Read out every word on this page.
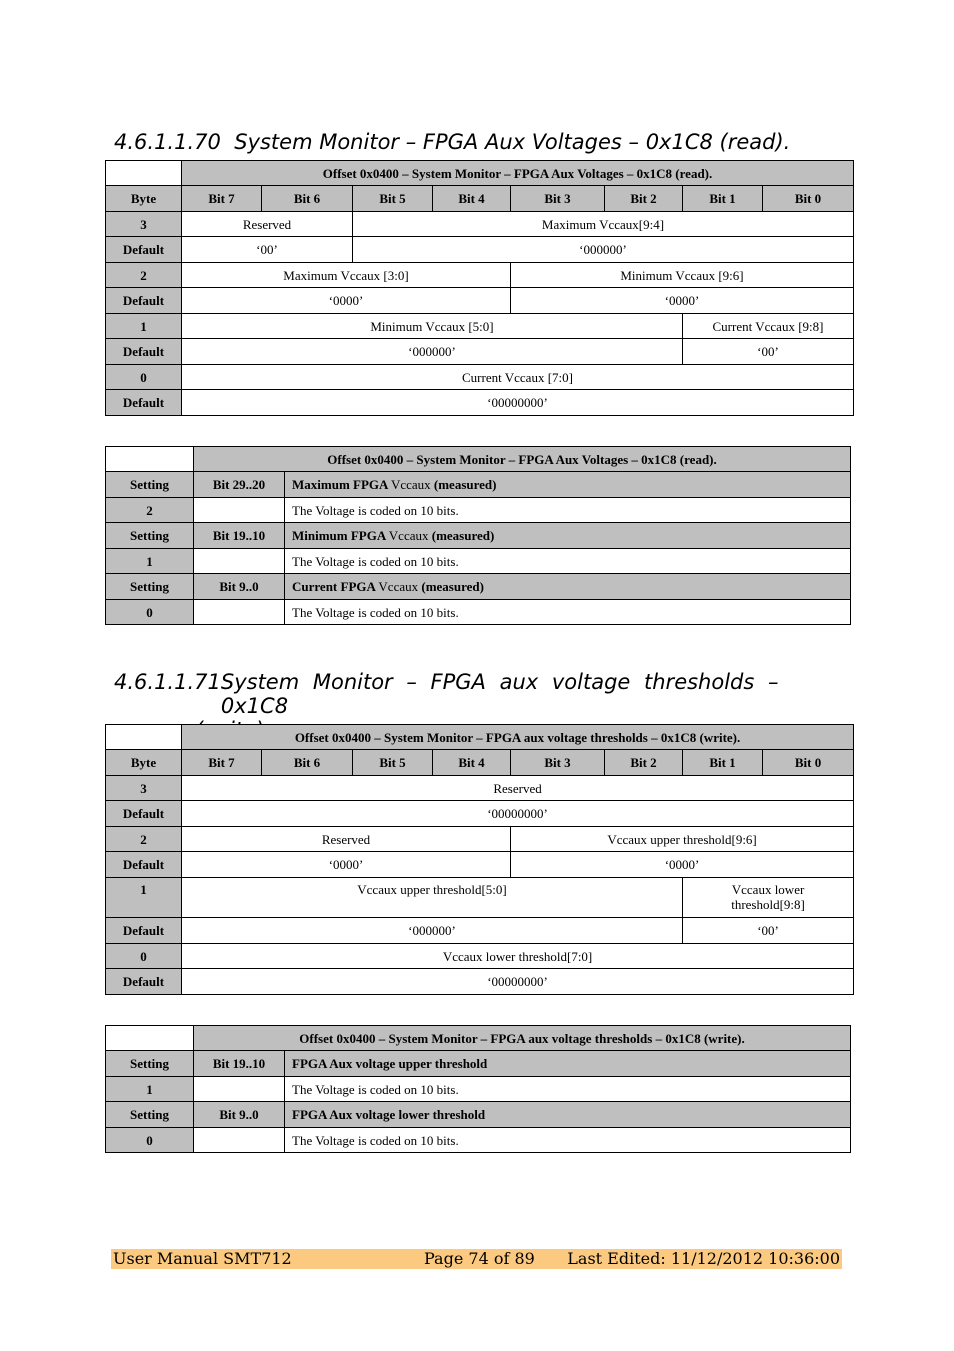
4.6.1.1.70 System Monitor – FPGA Aux Voltages – 0x1C8 (read).
	Offset 0x0400 – System Monitor – FPGA Aux Voltages – 0x1C8 (read).							
Byte	Bit 7	Bit 6	Bit 5	Bit 4	Bit 3	Bit 2	Bit 1	Bit 0
3	Reserved		Maximum Vccaux[9:4]					
Default	‘00’		‘000000’					
2	Maximum Vccaux [3:0]				Minimum Vccaux [9:6]			
Default	‘0000’				‘0000’			
1	Minimum Vccaux [5:0]						Current Vccaux [9:8]	
Default	‘000000’						‘00’	
0	Current Vccaux [7:0]							
Default	‘00000000’							
	Offset 0x0400 – System Monitor – FPGA Aux Voltages – 0x1C8 (read).	
Setting	Bit 29..20	Maximum FPGA Vccaux (measured)
2		The Voltage is coded on 10 bits.
Setting	Bit 19..10	Minimum FPGA Vccaux (measured)
1		The Voltage is coded on 10 bits.
Setting	Bit 9..0	Current FPGA Vccaux (measured)
0		The Voltage is coded on 10 bits.
4.6.1.1.71 System Monitor – FPGA aux voltage thresholds – 0x1C8
	Offset 0x0400 – System Monitor – FPGA aux voltage thresholds – 0x1C8 (write).							
Byte	Bit 7	Bit 6	Bit 5	Bit 4	Bit 3	Bit 2	Bit 1	Bit 0
3	Reserved							
Default	‘00000000’							
2	Reserved				Vccaux upper threshold[9:6]			
Default	‘0000’				‘0000’			
1	Vccaux upper threshold[5:0]						Vccaux lower threshold[9:8]	
Default	‘000000’						‘00’	
0	Vccaux lower threshold[7:0]							
Default	‘00000000’							
	Offset 0x0400 – System Monitor – FPGA aux voltage thresholds – 0x1C8 (write).	
Setting	Bit 19..10	FPGA Aux voltage upper threshold
1		The Voltage is coded on 10 bits.
Setting	Bit 9..0	FPGA Aux voltage lower threshold
0		The Voltage is coded on 10 bits.
User Manual SMT712	Page 74 of 89 Last Edited: 11/12/2012 10:36:00
